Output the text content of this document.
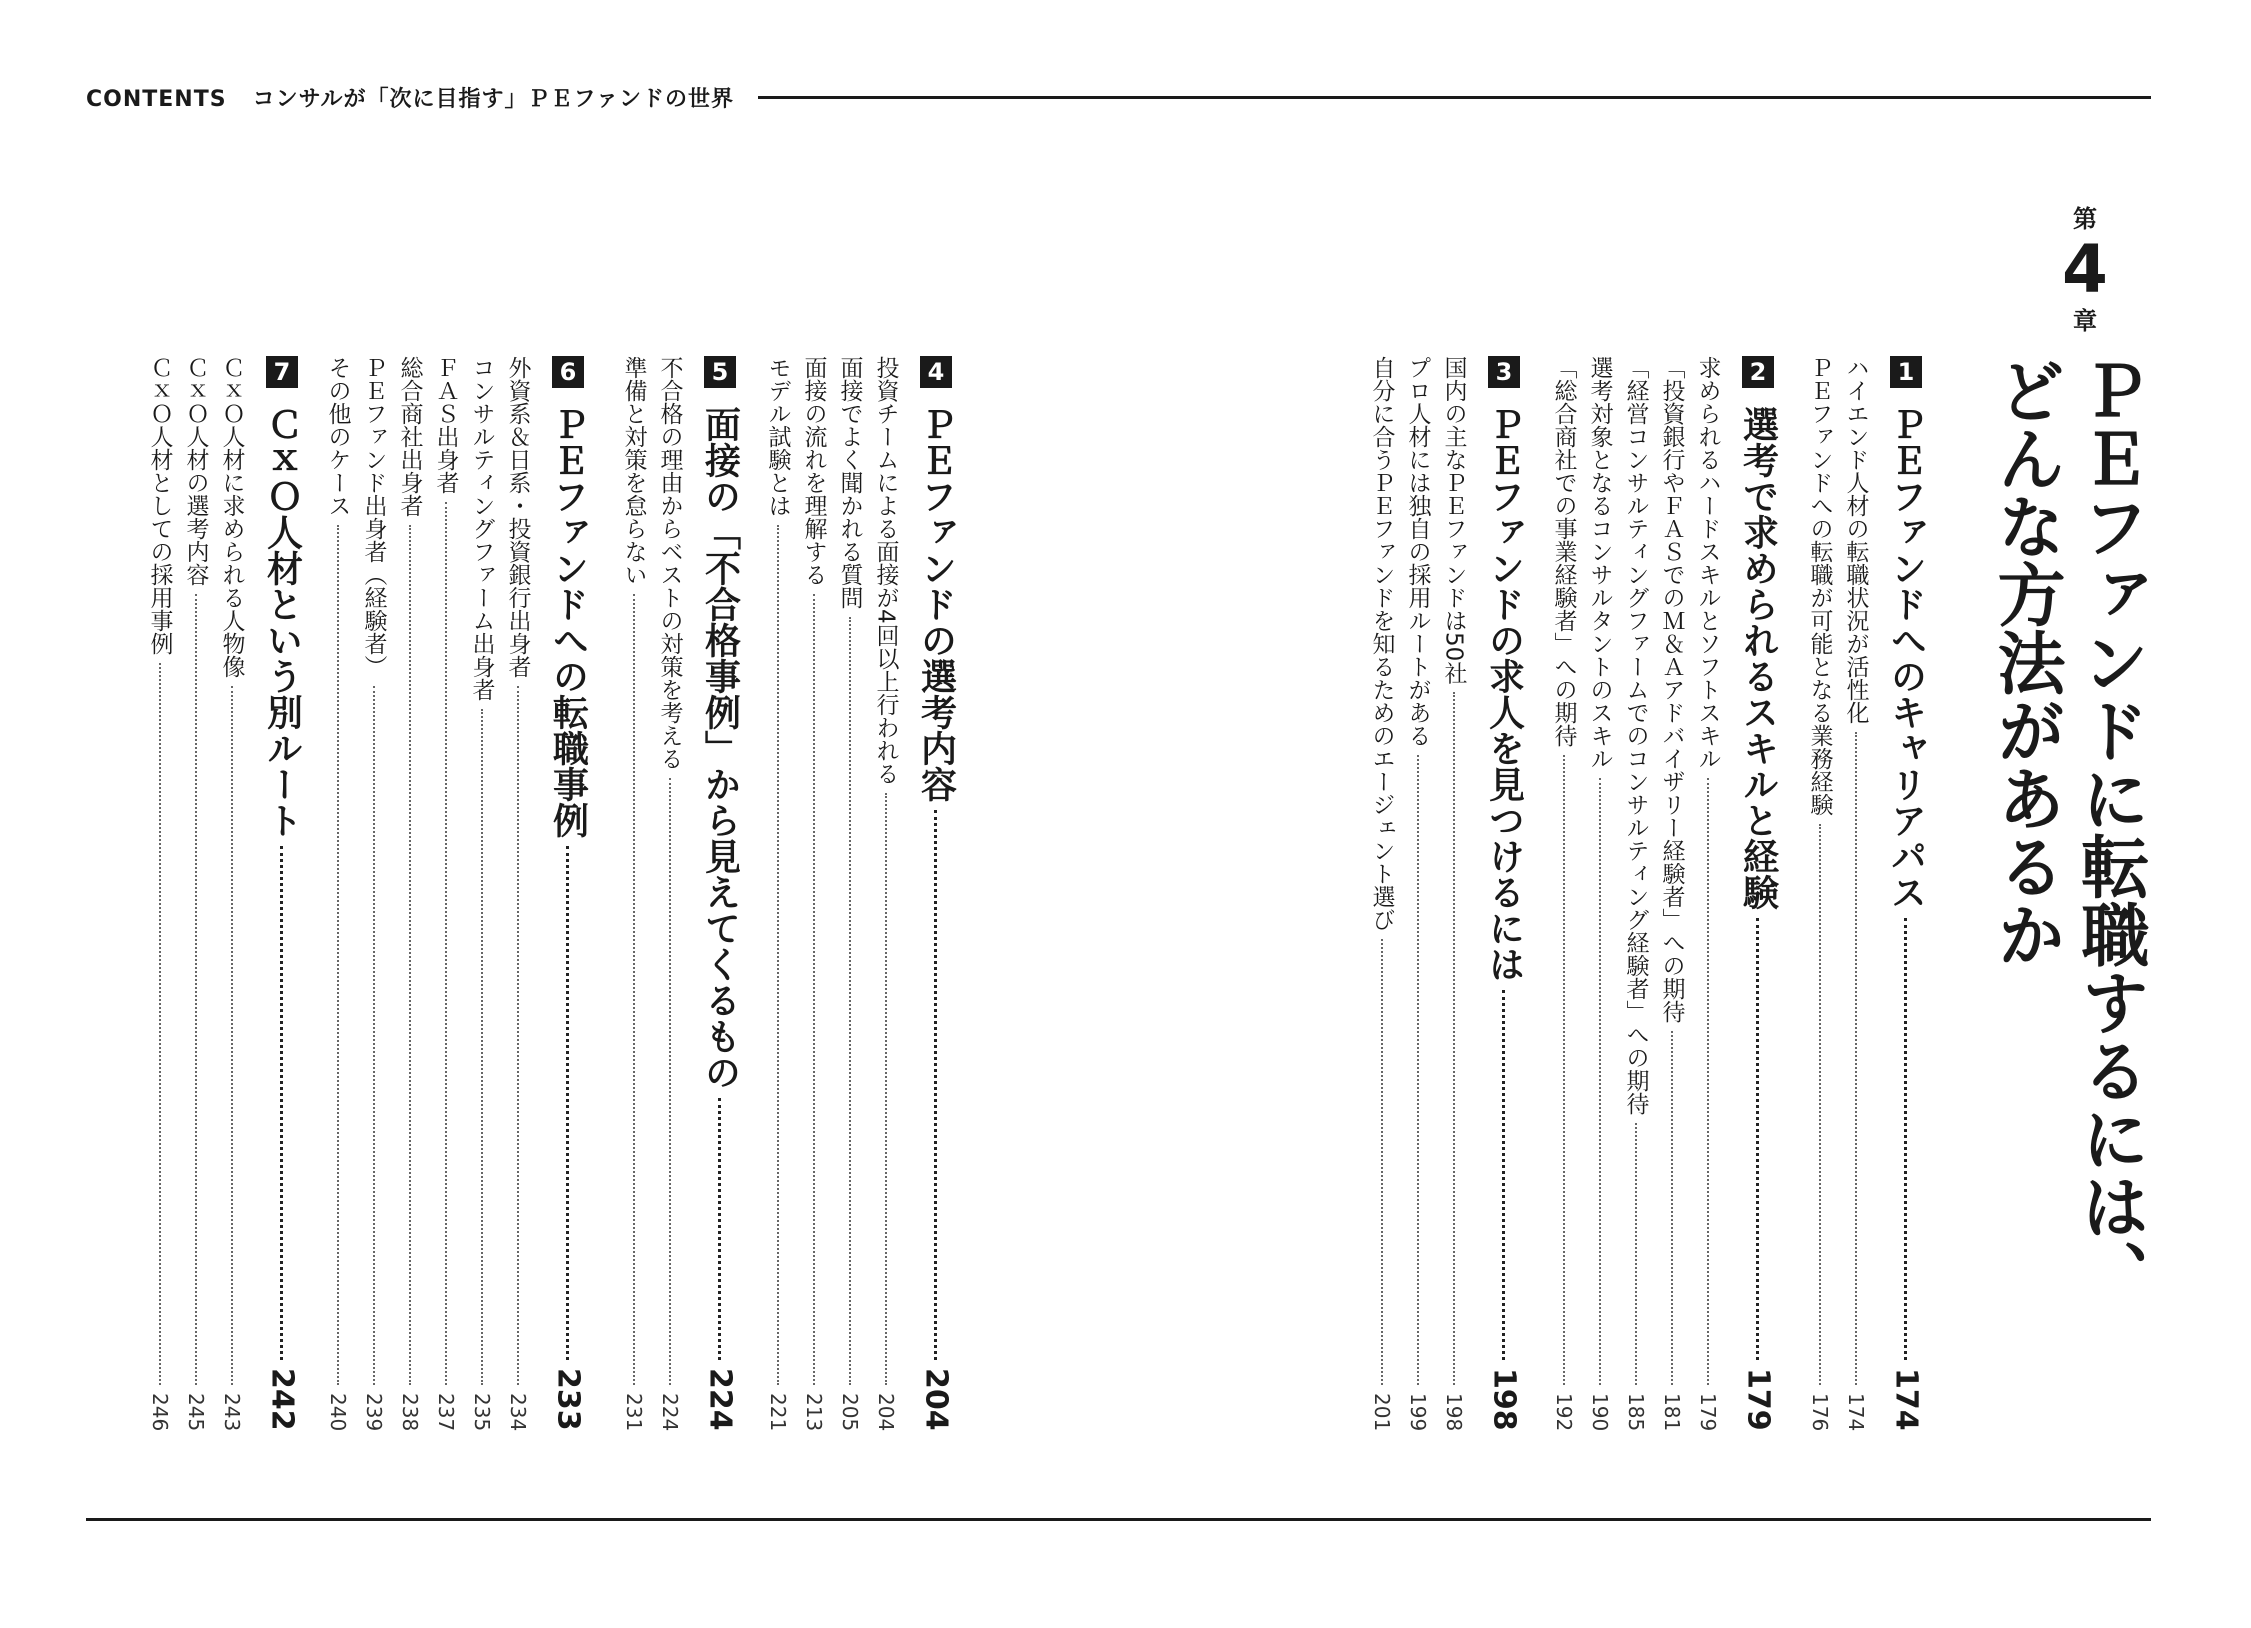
CONTENTS コンサルが「次に目指す」ＰＥファンドの世界
第
4
章
ＰＥファンドに転職するには、
どんな方法があるか
1
ＰＥファンドへのキャリアパス
174
ハイエンド人材の転職状況が活性化
174
ＰＥファンドへの転職が可能となる業務経験
176
2
選考で求められるスキルと経験
179
求められるハードスキルとソフトスキル
179
「投資銀行やＦＡＳでのＭ＆Ａアドバイザリー経験者」への期待
181
「経営コンサルティングファームでのコンサルティング経験者」への期待
185
選考対象となるコンサルタントのスキル
190
「総合商社での事業経験者」への期待
192
3
ＰＥファンドの求人を見つけるには
198
国内の主なＰＥファンドは50社
198
プロ人材には独自の採用ルートがある
199
自分に合うＰＥファンドを知るためのエージェント選び
201
4
ＰＥファンドの選考内容
204
投資チームによる面接が4回以上行われる
204
面接でよく聞かれる質問
205
面接の流れを理解する
213
モデル試験とは
221
5
面接の「不合格事例」から見えてくるもの
224
不合格の理由からベストの対策を考える
224
準備と対策を怠らない
231
6
ＰＥファンドへの転職事例
233
外資系＆日系・投資銀行出身者
234
コンサルティングファーム出身者
235
ＦＡＳ出身者
237
総合商社出身者
238
ＰＥファンド出身者（経験者）
239
その他のケース
240
7
ＣｘＯ人材という別ルート
242
ＣｘＯ人材に求められる人物像
243
ＣｘＯ人材の選考内容
245
ＣｘＯ人材としての採用事例
246
